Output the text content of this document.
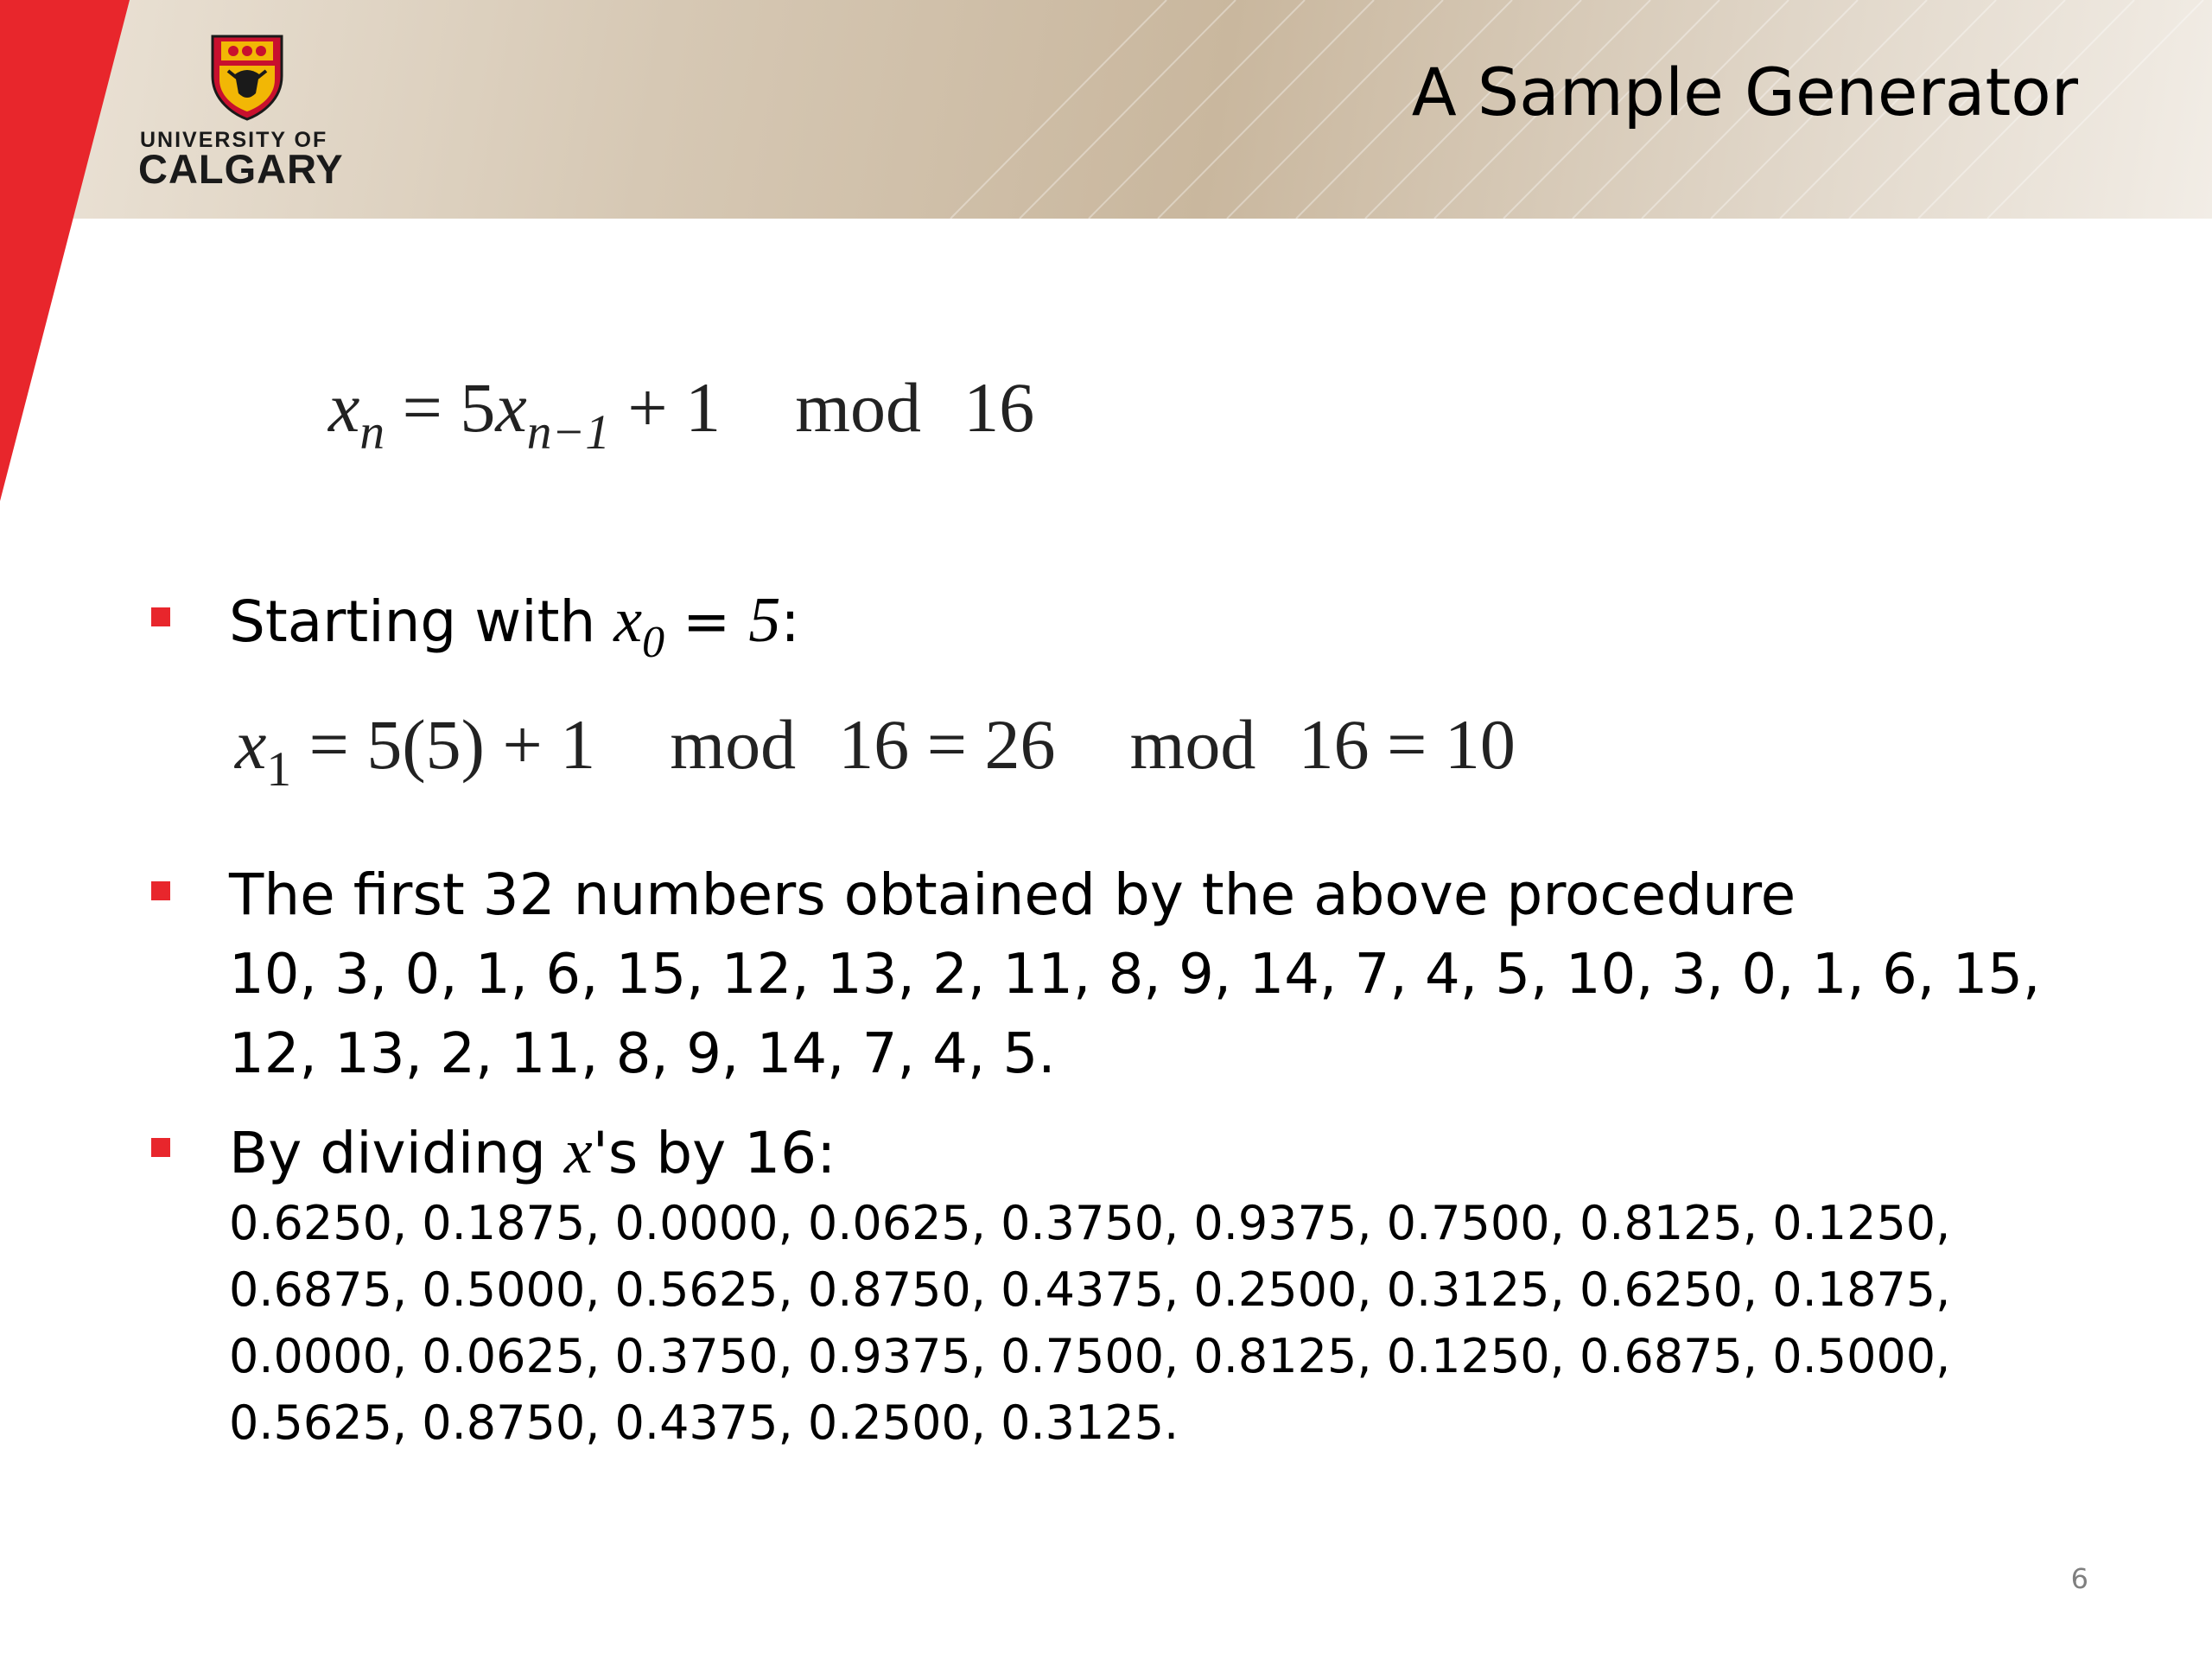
UNIVERSITY OF
CALGARY
A Sample Generator
$x_n = 5x_{n-1} + 1$ mod 16
Starting with $x_0 = 5$:
$x_1 = 5(5) + 1$ mod 16 = 26 mod 16 = 10
The first 32 numbers obtained by the above procedure
10, 3, 0, 1, 6, 15, 12, 13, 2, 11, 8, 9, 14, 7, 4, 5, 10, 3, 0, 1, 6, 15,
12, 13, 2, 11, 8, 9, 14, 7, 4, 5.
By dividing x's by 16:
0.6250, 0.1875, 0.0000, 0.0625, 0.3750, 0.9375, 0.7500, 0.8125, 0.1250,
0.6875, 0.5000, 0.5625, 0.8750, 0.4375, 0.2500, 0.3125, 0.6250, 0.1875,
0.0000, 0.0625, 0.3750, 0.9375, 0.7500, 0.8125, 0.1250, 0.6875, 0.5000,
0.5625, 0.8750, 0.4375, 0.2500, 0.3125.
6
